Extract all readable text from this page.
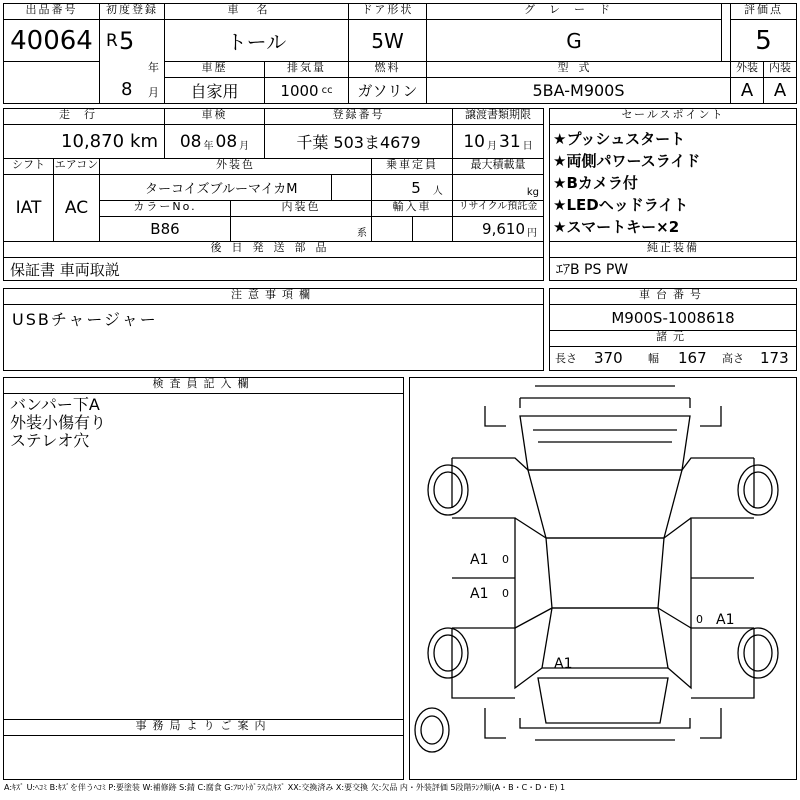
出品番号
40064
初度登録
R 5
年
8 月
車名
トール
ドア形状
5W
グレード
G
評価点
5
車歴
自家用
排気量
1000 cc
燃料
ガソリン
型式
5BA-M900S
外装
A
内装
A
走行
10,870 km
車検
08 年 08 月
登録番号
千葉 503ま4679
譲渡書類期限
10 月 31 日
シフト
IAT
エアコン
AC
外装色
ターコイズブルーマイカM
乗車定員
5 人
最大積載量
kg
カラーNo.
B86
内装色
系
輸入車	リサイクル預託金
9,610 円
後日発送部品
保証書 車両取説
セールスポイント
★プッシュスタート
★両側パワースライド
★Bカメラ付
★LEDヘッドライト
★スマートキー×2
純正装備
ｴｱB PS PW
注意事項欄
USBチャージャー
車台番号
M900S-1008618
諸元
長さ 370 幅 167 高さ 173
検査員記入欄
バンパー下A
外装小傷有り
ステレオ穴
事務局よりご案内
A1
A1
A1
A1
0
0
0
A:ｷｽﾞ U:ﾍｺﾐ B:ｷｽﾞを伴うﾍｺﾐ P:要塗装 W:補修跡 S:錆 C:腐食 G:ﾌﾛﾝﾄｶﾞﾗｽ点ｷｽﾞ XX:交換済み X:要交換 欠:欠品 内・外装評価 5段階ﾗﾝｸ順(A・B・C・D・E) 1
